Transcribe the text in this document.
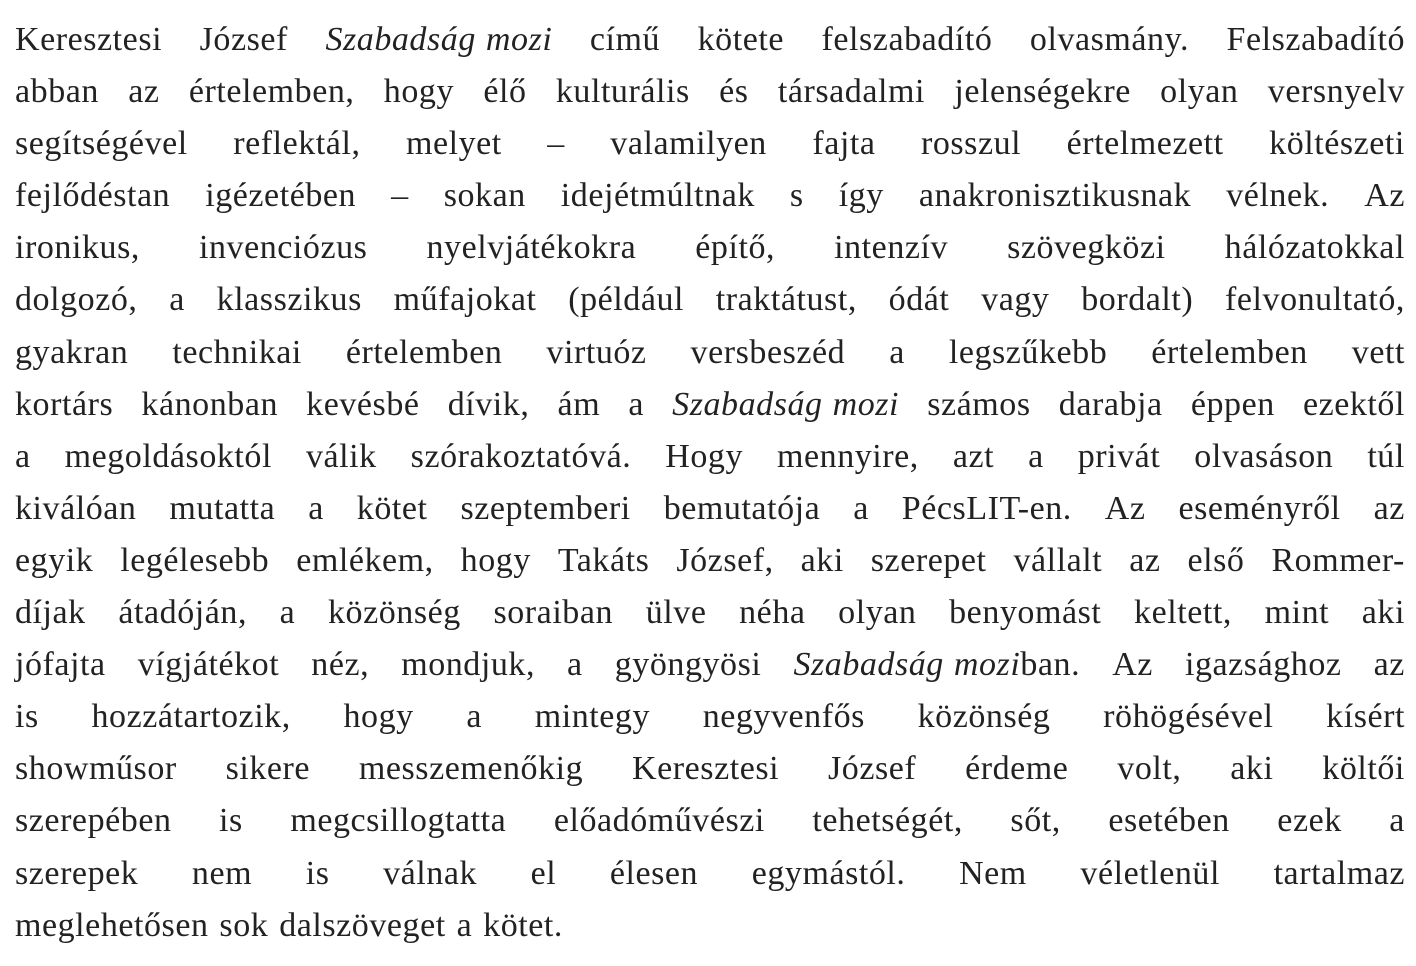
Keresztesi József Szabadság mozi című kötete felszabadító olvasmány. Felszabadító
abban az értelemben, hogy élő kulturális és társadalmi jelenségekre olyan versnyelv
segítségével reflektál, melyet – valamilyen fajta rosszul értelmezett költészeti
fejlődéstan igézetében – sokan idejétmúltnak s így anakronisztikusnak vélnek. Az
ironikus, invenciózus nyelvjátékokra építő, intenzív szövegközi hálózatokkal
dolgozó, a klasszikus műfajokat (például traktátust, ódát vagy bordalt) felvonultató,
gyakran technikai értelemben virtuóz versbeszéd a legszűkebb értelemben vett
kortárs kánonban kevésbé dívik, ám a Szabadság mozi számos darabja éppen ezektől
a megoldásoktól válik szórakoztatóvá. Hogy mennyire, azt a privát olvasáson túl
kiválóan mutatta a kötet szeptemberi bemutatója a PécsLIT-en. Az eseményről az
egyik legélesebb emlékem, hogy Takáts József, aki szerepet vállalt az első Rommer-
díjak átadóján, a közönség soraiban ülve néha olyan benyomást keltett, mint aki
jófajta vígjátékot néz, mondjuk, a gyöngyösi Szabadság moziban. Az igazsághoz az
is hozzátartozik, hogy a mintegy negyvenfős közönség röhögésével kísért
showműsor sikere messzemenőkig Keresztesi József érdeme volt, aki költői
szerepében is megcsillogtatta előadóművészi tehetségét, sőt, esetében ezek a
szerepek nem is válnak el élesen egymástól. Nem véletlenül tartalmaz
meglehetősen sok dalszöveget a kötet.
